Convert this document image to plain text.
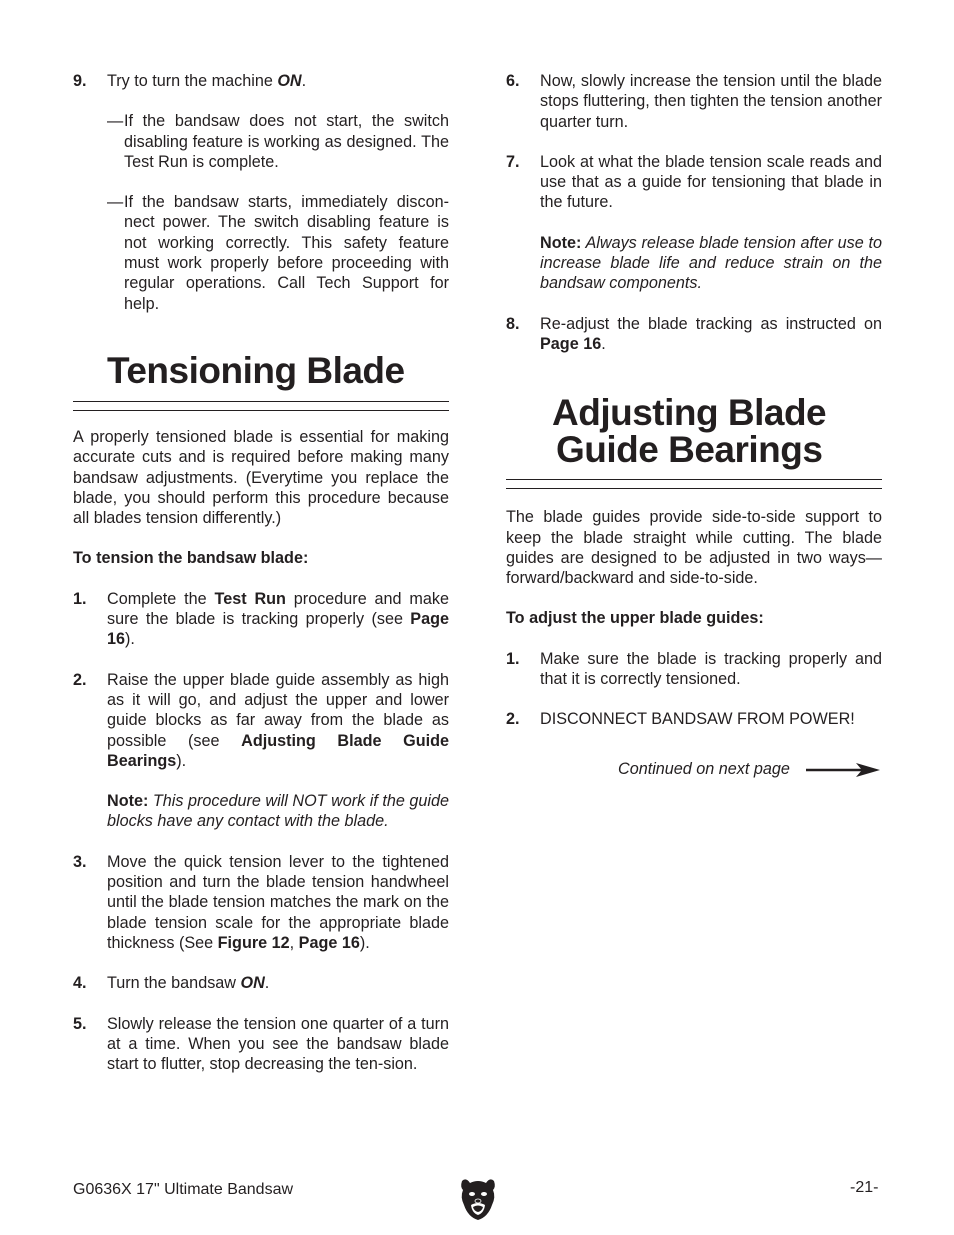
9. Try to turn the machine ON.
— If the bandsaw does not start, the switch disabling feature is working as designed. The Test Run is complete.
— If the bandsaw starts, immediately discon-nect power. The switch disabling feature is not working correctly. This safety feature must work properly before proceeding with regular operations. Call Tech Support for help.
Tensioning Blade

A properly tensioned blade is essential for making accurate cuts and is required before making many bandsaw adjustments. (Everytime you replace the blade, you should perform this procedure because all blades tension differently.)

To tension the bandsaw blade:

1. Complete the Test Run procedure and make sure the blade is tracking properly (see Page 16).
2. Raise the upper blade guide assembly as high as it will go, and adjust the upper and lower guide blocks as far away from the blade as possible (see Adjusting Blade Guide Bearings).

Note: This procedure will NOT work if the guide blocks have any contact with the blade.

3. Move the quick tension lever to the tightened position and turn the blade tension handwheel until the blade tension matches the mark on the blade tension scale for the appropriate blade thickness (See Figure 12, Page 16).
4. Turn the bandsaw ON.
5. Slowly release the tension one quarter of a turn at a time. When you see the bandsaw blade start to flutter, stop decreasing the ten-sion.
6. Now, slowly increase the tension until the blade stops fluttering, then tighten the tension another quarter turn.
7. Look at what the blade tension scale reads and use that as a guide for tensioning that blade in the future.

Note: Always release blade tension after use to increase blade life and reduce strain on the bandsaw components.

8. Re-adjust the blade tracking as instructed on Page 16.
Adjusting Blade
Guide Bearings

The blade guides provide side-to-side support to keep the blade straight while cutting. The blade guides are designed to be adjusted in two ways—forward/backward and side-to-side.

To adjust the upper blade guides:

1. Make sure the blade is tracking properly and that it is correctly tensioned.
2. DISCONNECT BANDSAW FROM POWER!
Continued on next page
G0636X 17" Ultimate Bandsaw	-21-
